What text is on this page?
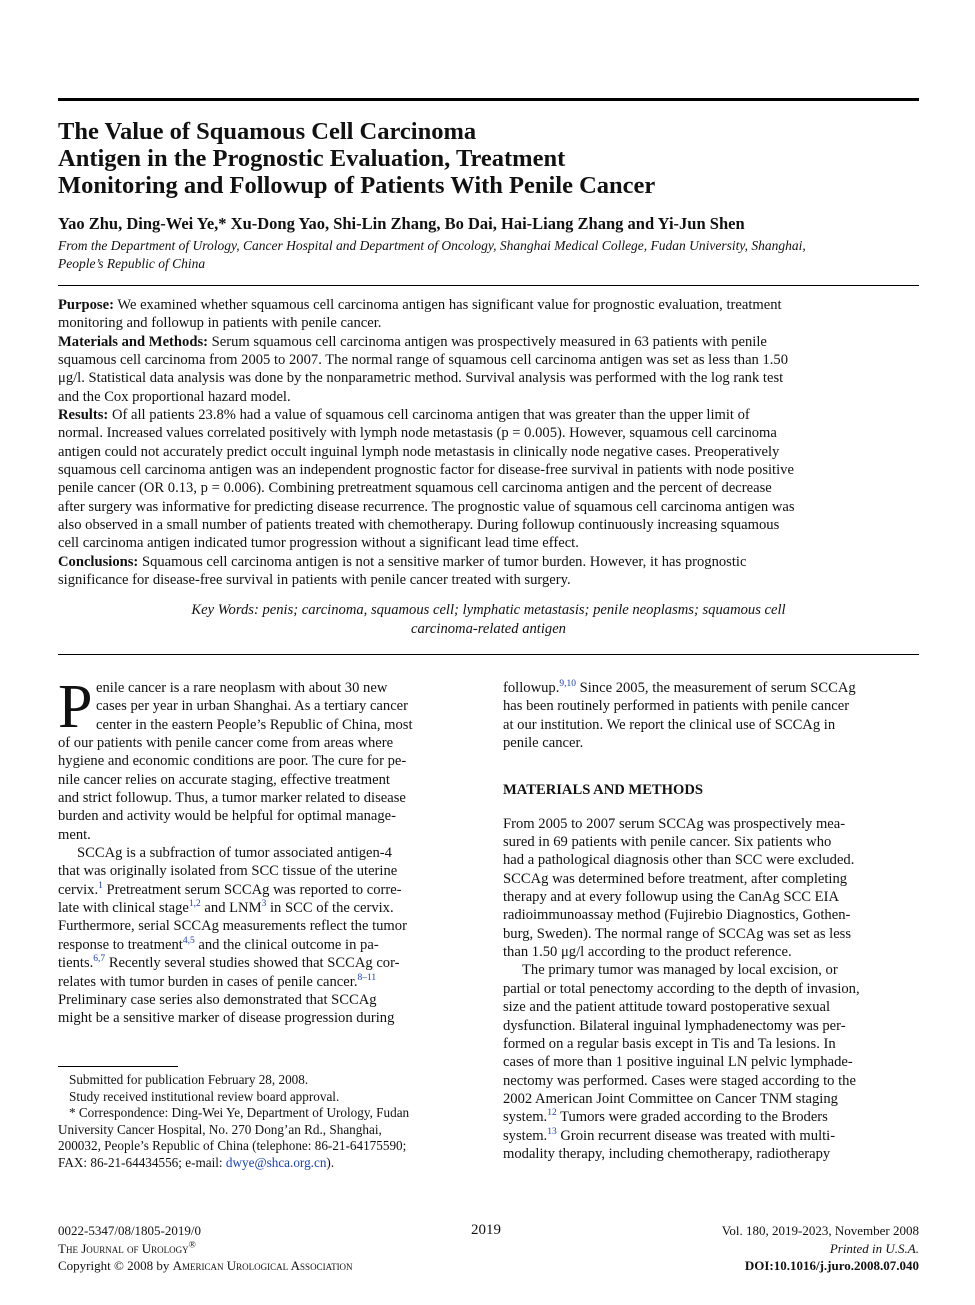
The Value of Squamous Cell Carcinoma
Antigen in the Prognostic Evaluation, Treatment
Monitoring and Followup of Patients With Penile Cancer
Yao Zhu, Ding-Wei Ye,* Xu-Dong Yao, Shi-Lin Zhang, Bo Dai, Hai-Liang Zhang and Yi-Jun Shen
From the Department of Urology, Cancer Hospital and Department of Oncology, Shanghai Medical College, Fudan University, Shanghai,
People’s Republic of China
Purpose: We examined whether squamous cell carcinoma antigen has significant value for prognostic evaluation, treatment
monitoring and followup in patients with penile cancer.
Materials and Methods: Serum squamous cell carcinoma antigen was prospectively measured in 63 patients with penile
squamous cell carcinoma from 2005 to 2007. The normal range of squamous cell carcinoma antigen was set as less than 1.50
μg/l. Statistical data analysis was done by the nonparametric method. Survival analysis was performed with the log rank test
and the Cox proportional hazard model.
Results: Of all patients 23.8% had a value of squamous cell carcinoma antigen that was greater than the upper limit of
normal. Increased values correlated positively with lymph node metastasis (p = 0.005). However, squamous cell carcinoma
antigen could not accurately predict occult inguinal lymph node metastasis in clinically node negative cases. Preoperatively
squamous cell carcinoma antigen was an independent prognostic factor for disease-free survival in patients with node positive
penile cancer (OR 0.13, p = 0.006). Combining pretreatment squamous cell carcinoma antigen and the percent of decrease
after surgery was informative for predicting disease recurrence. The prognostic value of squamous cell carcinoma antigen was
also observed in a small number of patients treated with chemotherapy. During followup continuously increasing squamous
cell carcinoma antigen indicated tumor progression without a significant lead time effect.
Conclusions: Squamous cell carcinoma antigen is not a sensitive marker of tumor burden. However, it has prognostic
significance for disease-free survival in patients with penile cancer treated with surgery.
Key Words: penis; carcinoma, squamous cell; lymphatic metastasis; penile neoplasms; squamous cell
carcinoma-related antigen
P enile cancer is a rare neoplasm with about 30 new
cases per year in urban Shanghai. As a tertiary cancer
center in the eastern People’s Republic of China, most
of our patients with penile cancer come from areas where
hygiene and economic conditions are poor. The cure for pe-
nile cancer relies on accurate staging, effective treatment
and strict followup. Thus, a tumor marker related to disease
burden and activity would be helpful for optimal manage-
ment.
SCCAg is a subfraction of tumor associated antigen-4
that was originally isolated from SCC tissue of the uterine
cervix.$^1$ Pretreatment serum SCCAg was reported to corre-
late with clinical stage$^{1,2}$ and LNM$^3$ in SCC of the cervix.
Furthermore, serial SCCAg measurements reflect the tumor
response to treatment$^{4,5}$ and the clinical outcome in pa-
tients.$^{6,7}$ Recently several studies showed that SCCAg cor-
relates with tumor burden in cases of penile cancer.$^{8-11}$
Preliminary case series also demonstrated that SCCAg
might be a sensitive marker of disease progression during
followup.$^{9,10}$ Since 2005, the measurement of serum SCCAg
has been routinely performed in patients with penile cancer
at our institution. We report the clinical use of SCCAg in
penile cancer.
MATERIALS AND METHODS
From 2005 to 2007 serum SCCAg was prospectively mea-
sured in 69 patients with penile cancer. Six patients who
had a pathological diagnosis other than SCC were excluded.
SCCAg was determined before treatment, after completing
therapy and at every followup using the CanAg SCC EIA
radioimmunoassay method (Fujirebio Diagnostics, Gothen-
burg, Sweden). The normal range of SCCAg was set as less
than 1.50 μg/l according to the product reference.
The primary tumor was managed by local excision, or
partial or total penectomy according to the depth of invasion,
size and the patient attitude toward postoperative sexual
dysfunction. Bilateral inguinal lymphadenectomy was per-
formed on a regular basis except in Tis and Ta lesions. In
cases of more than 1 positive inguinal LN pelvic lymphade-
nectomy was performed. Cases were staged according to the
2002 American Joint Committee on Cancer TNM staging
system.$^{12}$ Tumors were graded according to the Broders
system.$^{13}$ Groin recurrent disease was treated with multi-
modality therapy, including chemotherapy, radiotherapy
Submitted for publication February 28, 2008.
Study received institutional review board approval.
* Correspondence: Ding-Wei Ye, Department of Urology, Fudan
University Cancer Hospital, No. 270 Dong’an Rd., Shanghai,
200032, People’s Republic of China (telephone: 86-21-64175590;
FAX: 86-21-64434556; e-mail: dwye@shca.org.cn).
0022-5347/08/1805-2019/0
The Journal of Urology®
Copyright © 2008 by American Urological Association
2019	Vol. 180, 2019-2023, November 2008
Printed in U.S.A.
DOI:10.1016/j.juro.2008.07.040
